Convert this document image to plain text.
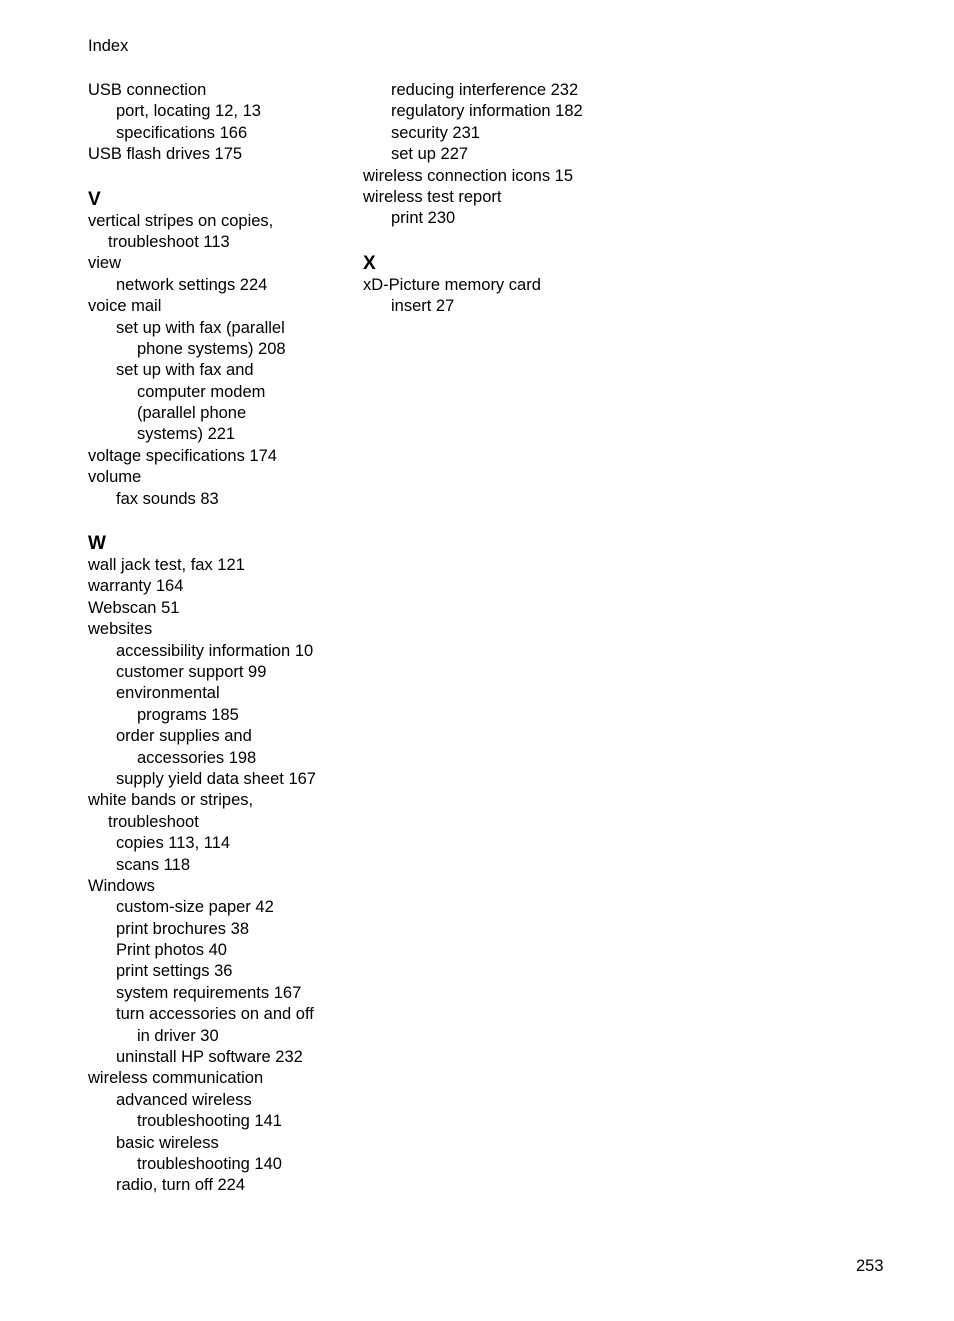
Index
USB connection
port, locating 12, 13
specifications 166
USB flash drives 175
V
vertical stripes on copies,
troubleshoot 113
view
network settings 224
voice mail
set up with fax (parallel
phone systems) 208
set up with fax and
computer modem
(parallel phone
systems) 221
voltage specifications 174
volume
fax sounds 83
W
wall jack test, fax 121
warranty 164
Webscan 51
websites
accessibility information 10
customer support 99
environmental
programs 185
order supplies and
accessories 198
supply yield data sheet 167
white bands or stripes,
troubleshoot
copies 113, 114
scans 118
Windows
custom-size paper 42
print brochures 38
Print photos 40
print settings 36
system requirements 167
turn accessories on and off
in driver 30
uninstall HP software 232
wireless communication
advanced wireless
troubleshooting 141
basic wireless
troubleshooting 140
radio, turn off 224
reducing interference 232
regulatory information 182
security 231
set up 227
wireless connection icons 15
wireless test report
print 230
X
xD-Picture memory card
insert 27
253
